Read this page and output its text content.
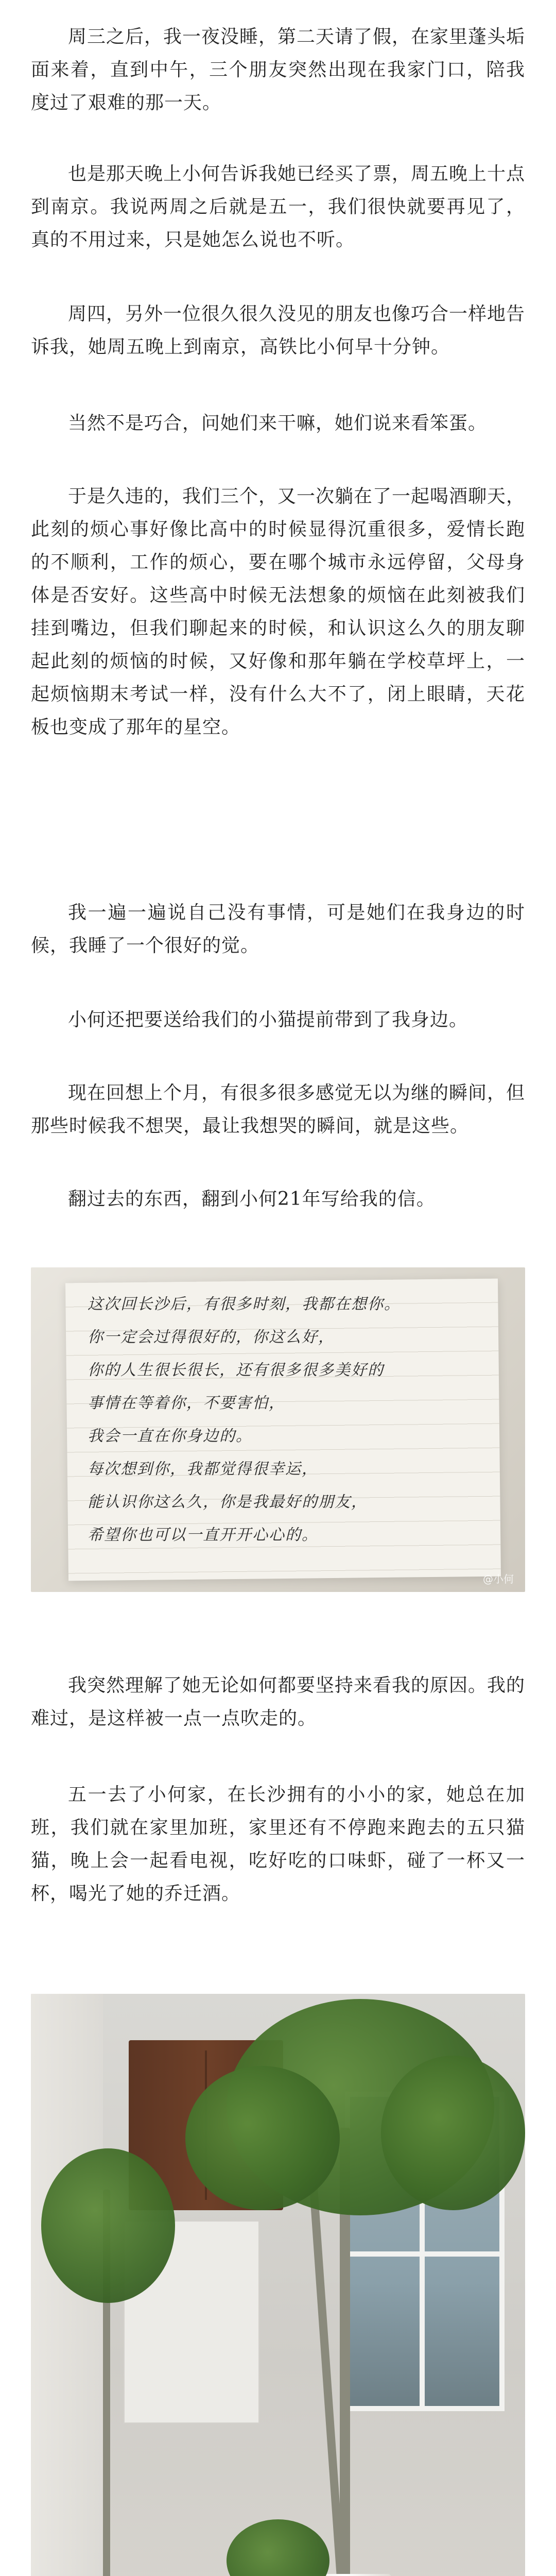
周三之后，我一夜没睡，第二天请了假，在家里蓬头垢面来着，直到中午，三个朋友突然出现在我家门口，陪我度过了艰难的那一天。

也是那天晚上小何告诉我她已经买了票，周五晚上十点到南京。我说两周之后就是五一，我们很快就要再见了，真的不用过来，只是她怎么说也不听。

周四，另外一位很久很久没见的朋友也像巧合一样地告诉我，她周五晚上到南京，高铁比小何早十分钟。

当然不是巧合，问她们来干嘛，她们说来看笨蛋。

于是久违的，我们三个，又一次躺在了一起喝酒聊天，此刻的烦心事好像比高中的时候显得沉重很多，爱情长跑的不顺利，工作的烦心，要在哪个城市永远停留，父母身体是否安好。这些高中时候无法想象的烦恼在此刻被我们挂到嘴边，但我们聊起来的时候，和认识这么久的朋友聊起此刻的烦恼的时候，又好像和那年躺在学校草坪上，一起烦恼期末考试一样，没有什么大不了，闭上眼睛，天花板也变成了那年的星空。

我一遍一遍说自己没有事情，可是她们在我身边的时候，我睡了一个很好的觉。

小何还把要送给我们的小猫提前带到了我身边。

现在回想上个月，有很多很多感觉无以为继的瞬间，但那些时候我不想哭，最让我想哭的瞬间，就是这些。

翻过去的东西，翻到小何21年写给我的信。

这次回长沙后，有很多时刻，我都在想你。
你一定会过得很好的，你这么好，
你的人生很长很长，还有很多很多美好的
事情在等着你，不要害怕，
我会一直在你身边的。
每次想到你，我都觉得很幸运，
能认识你这么久，你是我最好的朋友，
希望你也可以一直开开心心的。
@小何

我突然理解了她无论如何都要坚持来看我的原因。我的难过，是这样被一点一点吹走的。

五一去了小何家，在长沙拥有的小小的家，她总在加班，我们就在家里加班，家里还有不停跑来跑去的五只猫猫，晚上会一起看电视，吃好吃的口味虾，碰了一杯又一杯，喝光了她的乔迁酒。
